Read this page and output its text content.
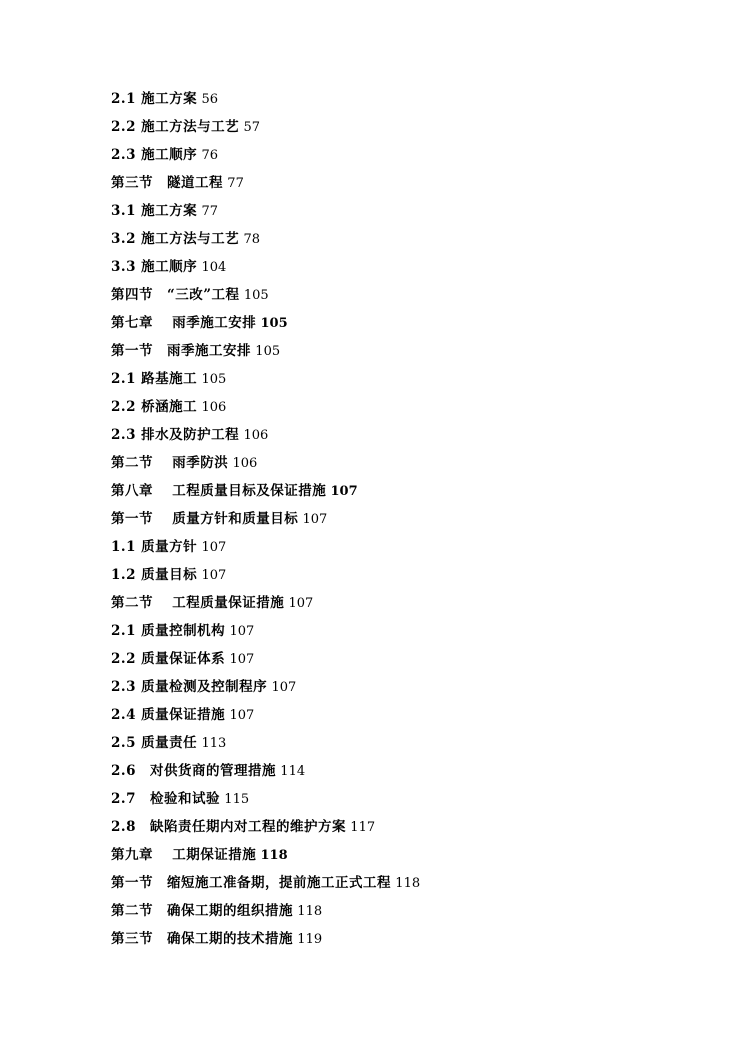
2.1 施工方案 56
2.2 施工方法与工艺 57
2.3 施工顺序 76
第三节　隧道工程 77
3.1 施工方案 77
3.2 施工方法与工艺 78
3.3 施工顺序 104
第四节　“三改”工程 105
第七章　 雨季施工安排 105
第一节　雨季施工安排 105
2.1 路基施工 105
2.2 桥涵施工 106
2.3 排水及防护工程 106
第二节　 雨季防洪 106
第八章　 工程质量目标及保证措施 107
第一节　 质量方针和质量目标 107
1.1 质量方针 107
1.2 质量目标 107
第二节　 工程质量保证措施 107
2.1 质量控制机构 107
2.2 质量保证体系 107
2.3 质量检测及控制程序 107
2.4 质量保证措施 107
2.5 质量责任 113
2.6　对供货商的管理措施 114
2.7　检验和试验 115
2.8　缺陷责任期内对工程的维护方案 117
第九章　 工期保证措施 118
第一节　缩短施工准备期，提前施工正式工程 118
第二节　确保工期的组织措施 118
第三节　确保工期的技术措施 119
